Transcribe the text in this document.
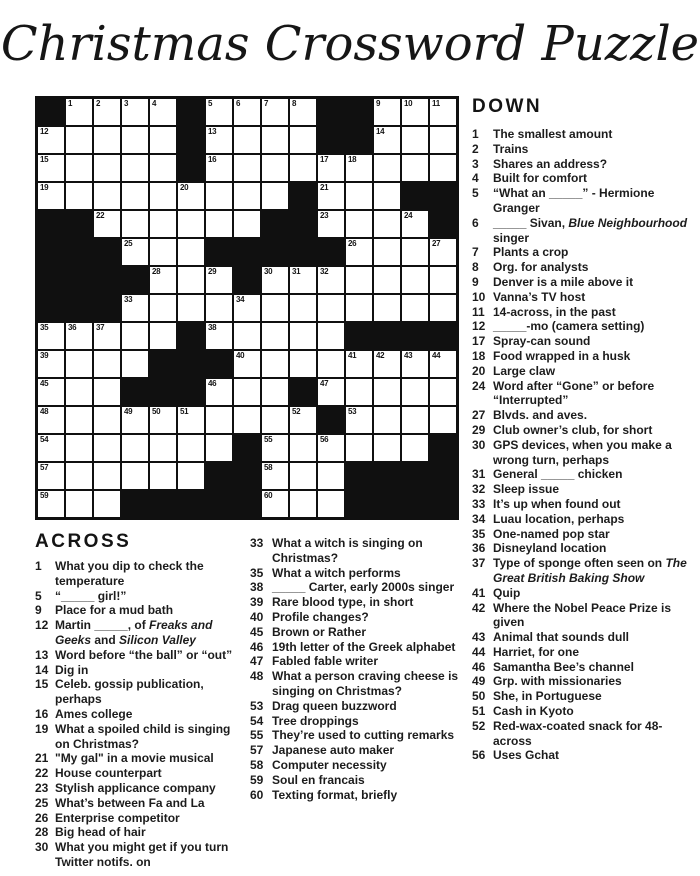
Christmas Crossword Puzzle
1	2	3	4	5	6	7	8	9	10 11
12	13	14
15	16	17 18
19	20	21
22	23	24
25	26	27
28	29	30 31 32
33	34
35 36 37	38
39	40	41 42 43 44
45	46	47
48	49 50 51	52	53
54	55	56
57	58
59	60
DOWN
1	The smallest amount
2	Trains
3	Shares an address?
4	Built for comfort
5	“What an _____” - Hermione Granger
6	_____ Sivan, Blue Neighbourhood singer
7	Plants a crop
8	Org. for analysts
9	Denver is a mile above it
10 Vanna’s TV host
11 14-across, in the past
12 _____-mo (camera setting)
17 Spray-can sound
18 Food wrapped in a husk
20 Large claw
24 Word after “Gone” or before “Interrupted”
27 Blvds. and aves.
29 Club owner’s club, for short
30 GPS devices, when you make a wrong turn, perhaps
31 General _____ chicken
32 Sleep issue
33 It’s up when found out
34 Luau location, perhaps
35 One-named pop star
36 Disneyland location
37 Type of sponge often seen on The Great British Baking Show
41 Quip
42 Where the Nobel Peace Prize is given
43 Animal that sounds dull
44 Harriet, for one
46 Samantha Bee’s channel
49 Grp. with missionaries
50 She, in Portuguese
51 Cash in Kyoto
52 Red-wax-coated snack for 48-across
56 Uses Gchat
ACROSS
1	What you dip to check the temperature
5	“_____ girl!”
9	Place for a mud bath
12 Martin _____, of Freaks and Geeks and Silicon Valley
13 Word before “the ball” or “out”
14 Dig in
15 Celeb. gossip publication, perhaps
16 Ames college
19 What a spoiled child is singing on Christmas?
21 "My gal" in a movie musical
22 House counterpart
23 Stylish applicance company
25 What’s between Fa and La
26 Enterprise competitor
28 Big head of hair
30 What you might get if you turn Twitter notifs. on
33 What a witch is singing on Christmas?
35 What a witch performs
38 _____ Carter, early 2000s singer
39 Rare blood type, in short
40 Profile changes?
45 Brown or Rather
46 19th letter of the Greek alphabet
47 Fabled fable writer
48 What a person craving cheese is singing on Christmas?
53 Drag queen buzzword
54 Tree droppings
55 They’re used to cutting remarks
57 Japanese auto maker
58 Computer necessity
59 Soul en francais
60 Texting format, briefly
